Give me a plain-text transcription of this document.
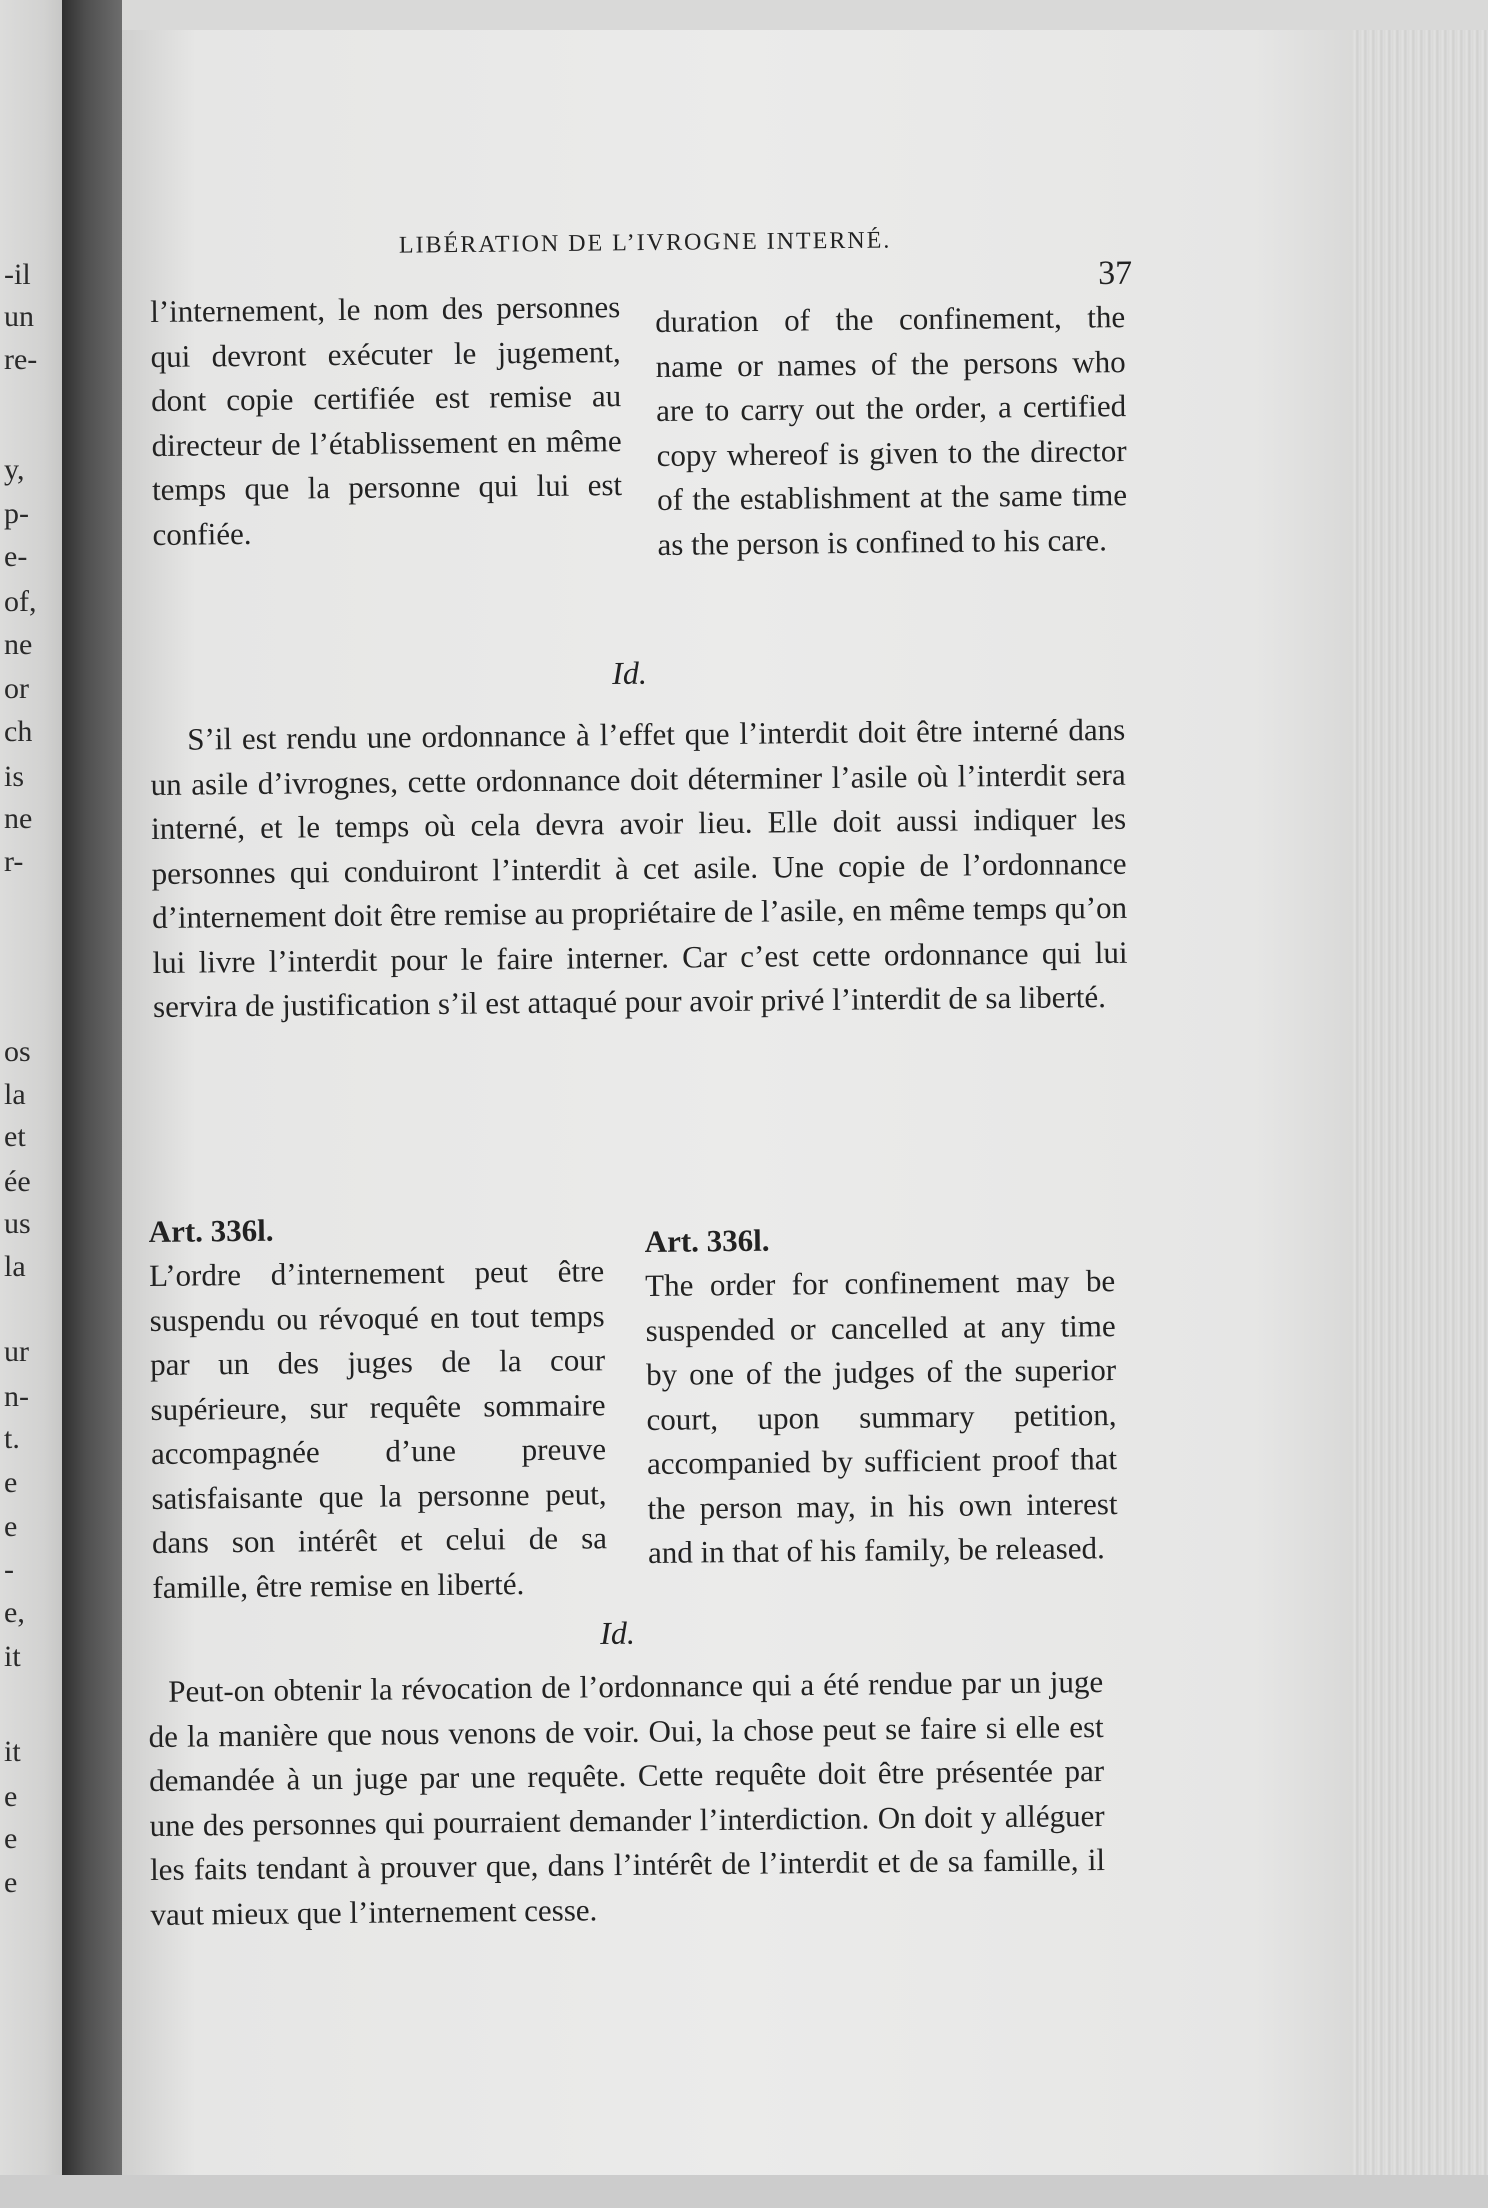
-il
un
re-
y,
p-
e-
of,
ne
or
ch
is
ne
r-
os
la
et
ée
us
la
ur
n-
t.
e
e
-
e,
it
it
e
e
e
LIBÉRATION DE L’IVROGNE INTERNÉ.
37
l’internement, le nom des personnes qui devront exécuter le jugement, dont copie certifiée est remise au directeur de l’établissement en même temps que la personne qui lui est confiée.
duration of the confinement, the name or names of the persons who are to carry out the order, a certified copy whereof is given to the director of the establishment at the same time as the person is confined to his care.
Id.
S’il est rendu une ordonnance à l’effet que l’interdit doit être interné dans un asile d’ivrognes, cette ordonnance doit déterminer l’asile où l’interdit sera interné, et le temps où cela devra avoir lieu. Elle doit aussi indiquer les personnes qui conduiront l’interdit à cet asile. Une copie de l’ordonnance d’internement doit être remise au propriétaire de l’asile, en même temps qu’on lui livre l’interdit pour le faire interner. Car c’est cette ordonnance qui lui servira de justification s’il est attaqué pour avoir privé l’interdit de sa liberté.

Art. 336l.
L’ordre d’internement peut être suspendu ou révoqué en tout temps par un des juges de la cour supérieure, sur requête sommaire accompagnée d’une preuve satisfaisante que la personne peut, dans son intérêt et celui de sa famille, être remise en liberté.

Art. 336l.
The order for confinement may be suspended or cancelled at any time by one of the judges of the superior court, upon summary petition, accompanied by sufficient proof that the person may, in his own interest and in that of his family, be released.

Id.
Peut-on obtenir la révocation de l’ordonnance qui a été rendue par un juge de la manière que nous venons de voir. Oui, la chose peut se faire si elle est demandée à un juge par une requête. Cette requête doit être présentée par une des personnes qui pourraient demander l’interdiction. On doit y alléguer les faits tendant à prouver que, dans l’intérêt de l’interdit et de sa famille, il vaut mieux que l’internement cesse.
